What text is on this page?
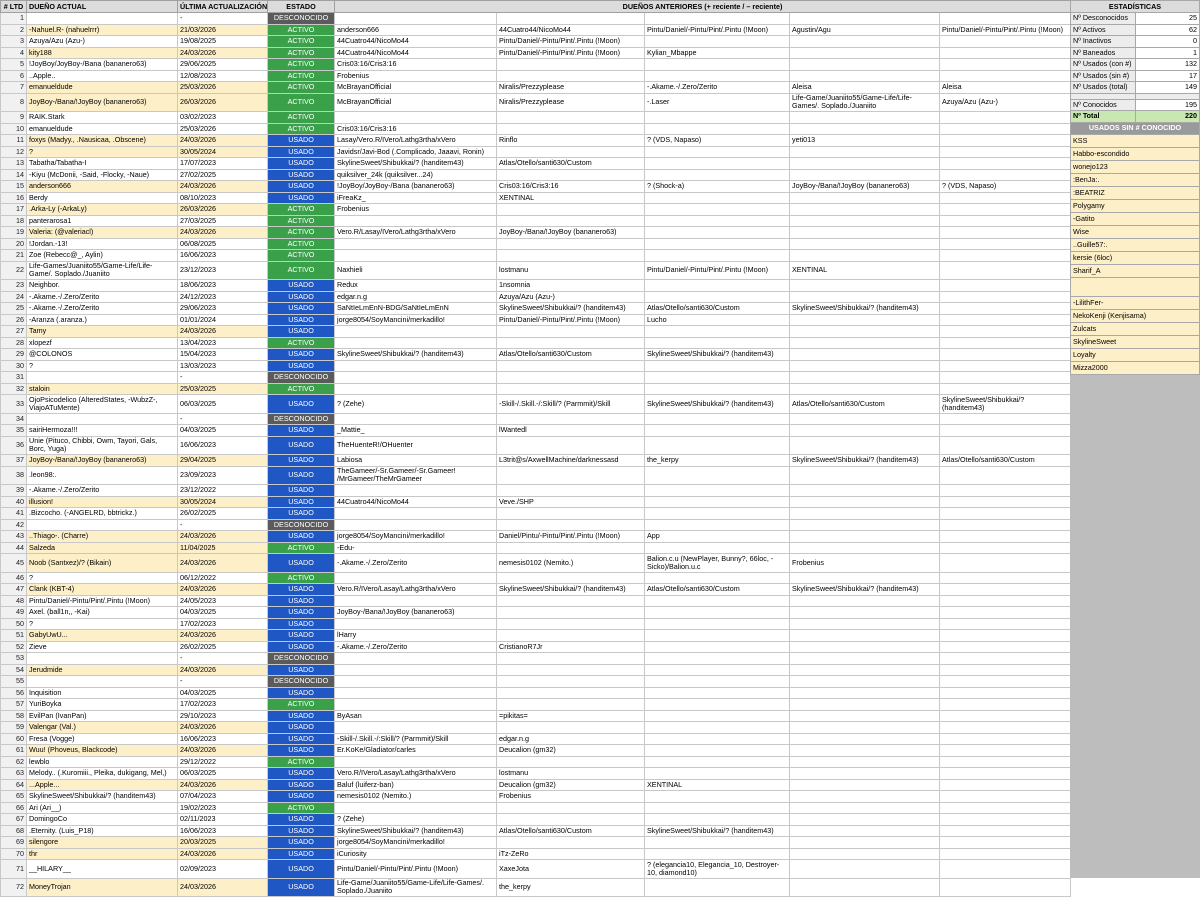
# LTD	DUEÑO ACTUAL	ÚLTIMA ACTUALIZACIÓN	ESTADO	DUEÑOS ANTERIORES (+ reciente / – reciente)				
1		-	DESCONOCIDO					
2	-Nahuel.R- (nahuelrrr)	21/03/2026	ACTIVO	anderson666	44Cuatro44/NicoMo44	Pintu/Daniel/-Pintu/Pint/.Pintu (!Moon)	Agustin/Agu	Pintu/Daniel/-Pintu/Pint/.Pintu (!Moon)
3	Azuya/Azu (Azu-)	19/08/2025	ACTIVO	44Cuatro44/NicoMo44	Pintu/Daniel/-Pintu/Pint/.Pintu (!Moon)			
4	kity188	24/03/2026	ACTIVO	44Cuatro44/NicoMo44	Pintu/Daniel/-Pintu/Pint/.Pintu (!Moon)	Kylian_Mbappe		
5	!JoyBoy/JoyBoy-/Bana (bananero63)	29/06/2025	ACTIVO	Cris03:16/Cris3:16				
6	..Apple..	12/08/2023	ACTIVO	Frobenius				
7	emanueldude	25/03/2026	ACTIVO	McBrayanOfficial	Niralis/Prezzyplease	-.Akame.-/.Zero/Zerito	Aleisa	Aleisa
8	JoyBoy-/Bana/!JoyBoy (bananero63)	26/03/2026	ACTIVO	McBrayanOfficial	Niralis/Prezzyplease	-.Laser	Life-Game/Juaniito55/Game-Life/Life-Games/. Soplado./Juaniito	Azuya/Azu (Azu-)
9	RAIK.Stark	03/02/2023	ACTIVO					
10	emanueldude	25/03/2026	ACTIVO	Cris03:16/Cris3:16				
11	foxys (Madyy., .Nausicaa, .Obscene)	24/03/2026	USADO	Lasay/Vero.R/IVero/Lathg3rtha/xVero	Rinflo	? (VDS, Napaso)	yeti013	
12	?	30/05/2024	USADO	Javidsr/Javi-Bod (.Complicado, Jaaavi, Ronin)				
13	Tabatha/Tabatha-I	17/07/2023	USADO	SkylineSweet/Shibukkai/? (handitem43)	Atlas/Otello/santi630/Custom			
14	-Kiyu (McDonii, -Said, -Flocky, -Naue)	27/02/2025	USADO	quiksilver_24k (quiksilver...24)				
15	anderson666	24/03/2026	USADO	!JoyBoy/JoyBoy-/Bana (bananero63)	Cris03:16/Cris3:16	? (Shock-a)	JoyBoy-/Bana/!JoyBoy (bananero63)	? (VDS, Napaso)
16	Berdy	08/10/2023	USADO	iFreaKz_	XENTINAL			
17	.Arka-Ly (-ArkaLy)	26/03/2026	ACTIVO	Frobenius				
18	panterarosa1	27/03/2025	ACTIVO					
19	Valeria: (@valeriacl)	24/03/2026	ACTIVO	Vero.R/Lasay/IVero/Lathg3rtha/xVero	JoyBoy-/Bana/!JoyBoy (bananero63)			
20	!Jordan.-13!	06/08/2025	ACTIVO					
21	Zoe (Rebecc@_, Aylin)	16/06/2023	ACTIVO					
22	Life-Games/Juaniito55/Game-Life/Life-Game/. Soplado./Juaniito	23/12/2023	ACTIVO	Naxhieli	lostmanu	Pintu/Daniel/-Pintu/Pint/.Pintu (!Moon)	XENTINAL	
23	Neighbor.	18/06/2023	USADO	Redux	1nsomnia			
24	-.Akame.-/.Zero/Zerito	24/12/2023	USADO	edgar.n.g	Azuya/Azu (Azu-)			
25	-.Akame.-/.Zero/Zerito	29/06/2023	USADO	SaNtIeLmEnN-BDG/SaNtIeLmEnN	SkylineSweet/Shibukkai/? (handitem43)	Atlas/Otello/santi630/Custom	SkylineSweet/Shibukkai/? (handitem43)	
26	-Aranza (.aranza.)	01/01/2024	USADO	jorge8054/SoyMancini/merkadillo!	Pintu/Daniel/-Pintu/Pint/.Pintu (!Moon)	Lucho		
27	Tamy	24/03/2026	USADO					
28	xlopezf	13/04/2023	ACTIVO					
29	@COLONOS	15/04/2023	USADO	SkylineSweet/Shibukkai/? (handitem43)	Atlas/Otello/santi630/Custom	SkylineSweet/Shibukkai/? (handitem43)		
30	?	13/03/2023	USADO					
31		-	DESCONOCIDO					
32	staloin	25/03/2025	ACTIVO					
33	OjoPsicodelico (AlteredStates, -WubzZ-, ViajoATuMente)	06/03/2025	USADO	? (Zehe)	-Skill-/.Skill.-/:Skill/? (Parmmit)/Skill	SkylineSweet/Shibukkai/? (handitem43)	Atlas/Otello/santi630/Custom	SkylineSweet/Shibukkai/? (handitem43)
34		-	DESCONOCIDO					
35	sairiHermoza!!!	04/03/2025	USADO	_Mattie_	lWantedl			
36	Unie (Pituco, Chibbi, Owm, Tayori, Gals, Borc, Yuga)	16/06/2023	USADO	TheHuenteR!/OHuenter				
37	JoyBoy-/Bana/!JoyBoy (bananero63)	29/04/2025	USADO	Labiosa	L3trit@s/AxwellMachine/darknessasd	the_kerpy	SkylineSweet/Shibukkai/? (handitem43)	Atlas/Otello/santi630/Custom
38	.leon98:.	23/09/2023	USADO	TheGameer/-Sr.Gameer/-Sr.Gameer! /MrGameer/TheMrGameer				
39	-.Akame.-/.Zero/Zerito	23/12/2022	USADO					
40	illusion!	30/05/2024	USADO	44Cuatro44/NicoMo44	Veve./SHP			
41	.Bizcocho. (-ANGELRD, bbtrickz.)	26/02/2025	USADO					
42		-	DESCONOCIDO					
43	..Thiago-. (Charre)	24/03/2026	USADO	jorge8054/SoyMancini/merkadillo!	Daniel/Pintu/-Pintu/Pint/.Pintu (!Moon)	App		
44	Salzeda	11/04/2025	ACTIVO	-Edu-				
45	Noob (Santxez)/? (Bikain)	24/03/2026	USADO	-.Akame.-/.Zero/Zerito	nemesis0102 (Nemito.)	Balion.c.u (NewPlayer, Bunny?, 66loc, -Sicko)/Balion.u.c	Frobenius	
46	?	06/12/2022	ACTIVO					
47	Clank (KBT-4)	24/03/2026	USADO	Vero.R/IVero/Lasay/Lathg3rtha/xVero	SkylineSweet/Shibukkai/? (handitem43)	Atlas/Otello/santi630/Custom	SkylineSweet/Shibukkai/? (handitem43)	
48	Pintu/Daniel/-Pintu/Pint/.Pintu (!Moon)	24/05/2023	USADO					
49	Axel. (ball1n,, -Kai)	04/03/2025	USADO	JoyBoy-/Bana/!JoyBoy (bananero63)				
50	?	17/02/2023	USADO					
51	GabyUwU...	24/03/2026	USADO	lHarry				
52	Zieve	26/02/2025	USADO	-.Akame.-/.Zero/Zerito	CristianoR7Jr			
53		-	DESCONOCIDO					
54	Jerudmide	24/03/2026	USADO					
55		-	DESCONOCIDO					
56	Inquisition	04/03/2025	USADO					
57	YuriBoyka	17/02/2023	ACTIVO					
58	EvilPan (IvanPan)	29/10/2023	USADO	ByAsan	=pikitas=			
59	Valengar (Val.)	24/03/2026	USADO					
60	Fresa (Vogge)	16/06/2023	USADO	-Skill-/.Skill.-/:Skill/? (Parmmit)/Skill	edgar.n.g			
61	Wuu! (Phoveus, Blackcode)	24/03/2026	USADO	Er.KoKe/Gladiator/carles	Deucalion (gm32)			
62	lewblo	29/12/2022	ACTIVO					
63	Melody.. (.Kuromiii., Pleika, dukigang, Mel,)	06/03/2025	USADO	Vero.R/IVero/Lasay/Lathg3rtha/xVero	lostmanu			
64	...Apple...	24/03/2026	USADO	Baluf (luiferz-ban)	Deucalion (gm32)	XENTINAL		
65	SkylineSweet/Shibukkai/? (handitem43)	07/04/2023	USADO	nemesis0102 (Nemito.)	Frobenius			
66	Ari (Ari__)	19/02/2023	ACTIVO					
67	DomingoCo	02/11/2023	USADO	? (Zehe)				
68	.Eternity. (Luis_P18)	16/06/2023	USADO	SkylineSweet/Shibukkai/? (handitem43)	Atlas/Otello/santi630/Custom	SkylineSweet/Shibukkai/? (handitem43)		
69	silengore	20/03/2025	USADO	jorge8054/SoyMancini/merkadillo!				
70	thr	24/03/2026	USADO	iCuriosity	iTz-ZeRo			
71	__HILARY__	02/09/2023	USADO	Pintu/Daniel/-Pintu/Pint/.Pintu (!Moon)	XaxeJota	? (elegancia10, Elegancia_10, Destroyer-10, diamond10)		
72	MoneyTrojan	24/03/2026	USADO	Life-Game/Juaniito55/Game-Life/Life-Games/. Soplado./Juaniito	the_kerpy			
ESTADÍSTICAS	
Nº Desconocidos	25
Nº Activos	62
Nº Inactivos	0
Nº Baneados	1
Nº Usados (con #)	132
Nº Usados (sin #)	17
Nº Usados (total)	149

Nº Conocidos	195
Nº Total	220
USADOS SIN # CONOCIDO	
KSS	
Habbo-escondido	
wonejo123	
:BenJa:.	
:BEATRIZ	
Polygamy	
-Gatito	
Wise	
..Guille57:.	
kersie (6loc)	
Sharif_A	

-LilithFer-	
NekoKenji (Kenjisama)	
Zulcats	
SkylineSweet	
Loyalty	
Mizza2000	
